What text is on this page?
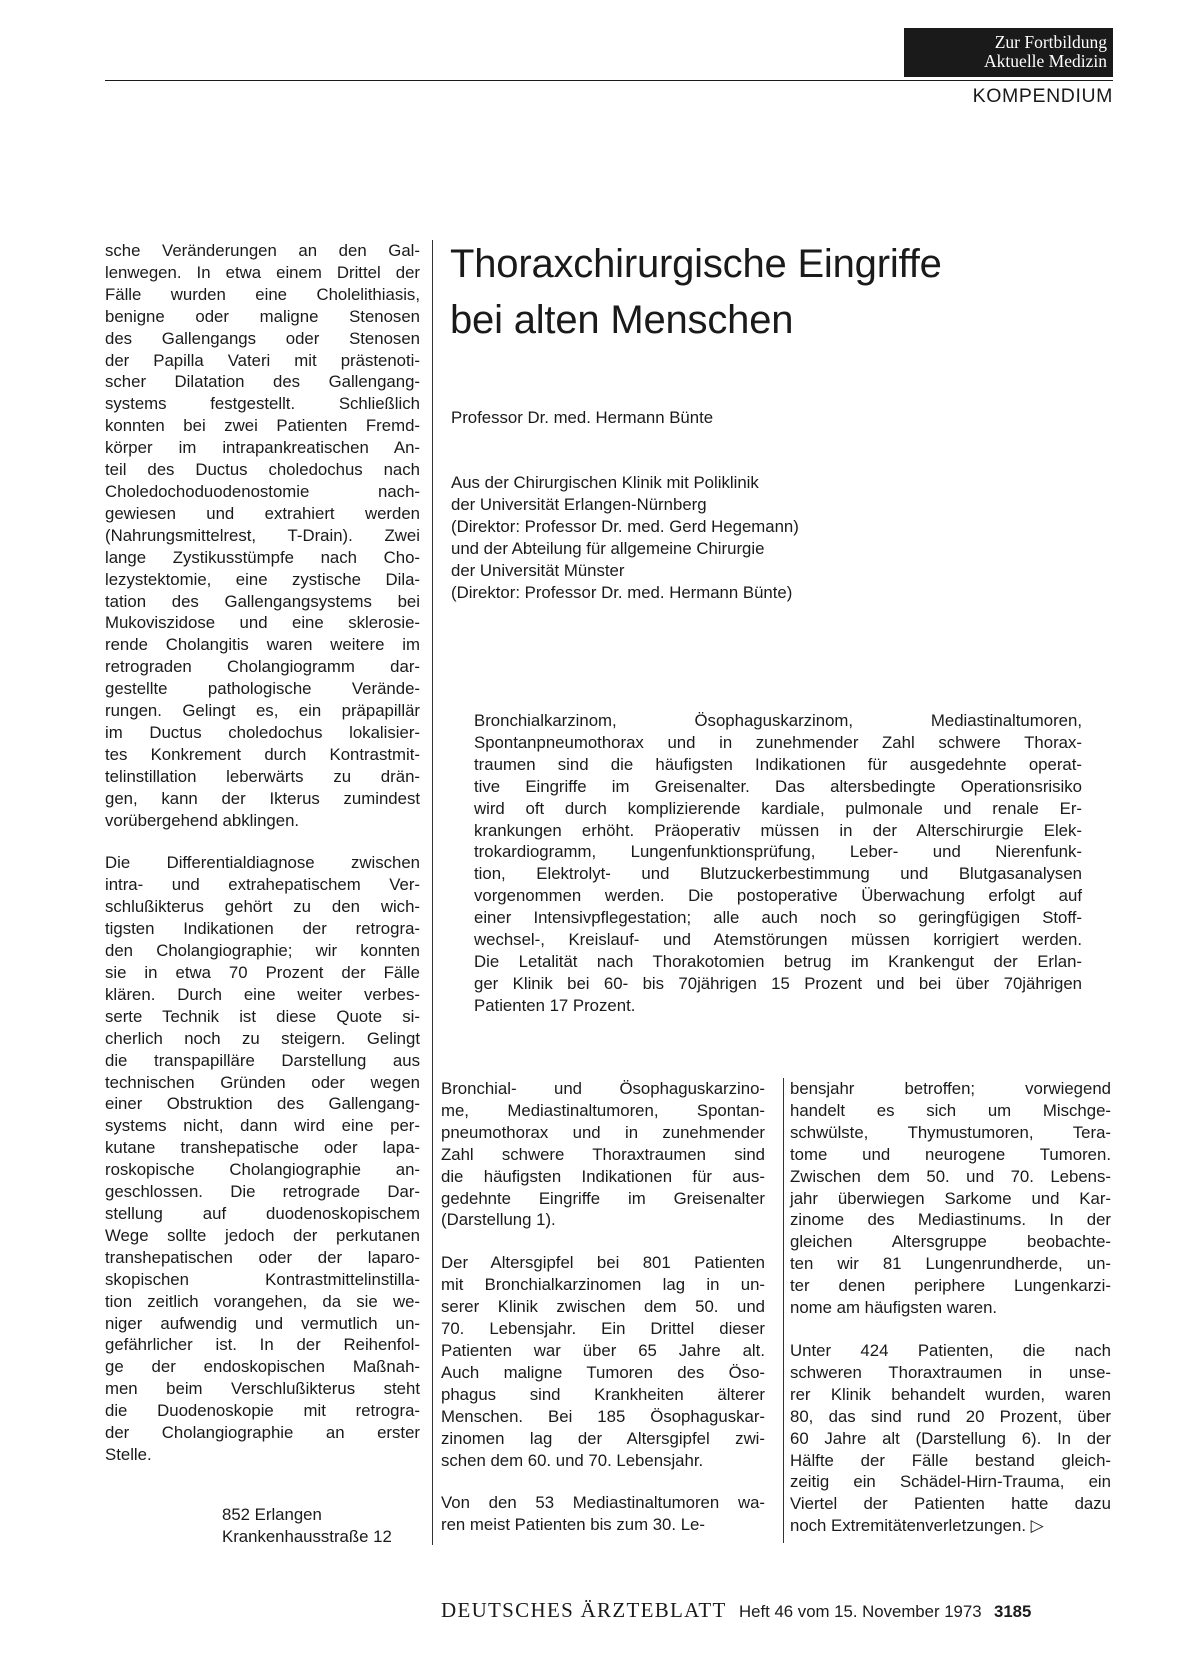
Zur Fortbildung
Aktuelle Medizin
KOMPENDIUM

sche Veränderungen an den Gal-
lenwegen. In etwa einem Drittel der
Fälle wurden eine Cholelithiasis,
benigne oder maligne Stenosen
des Gallengangs oder Stenosen
der Papilla Vateri mit prästenoti-
scher Dilatation des Gallengang-
systems festgestellt. Schließlich
konnten bei zwei Patienten Fremd-
körper im intrapankreatischen An-
teil des Ductus choledochus nach
Choledochoduodenostomie nach-
gewiesen und extrahiert werden
(Nahrungsmittelrest, T-Drain). Zwei
lange Zystikusstümpfe nach Cho-
lezystektomie, eine zystische Dila-
tation des Gallengangsystems bei
Mukoviszidose und eine sklerosie-
rende Cholangitis waren weitere im
retrograden Cholangiogramm dar-
gestellte pathologische Verände-
rungen. Gelingt es, ein präpapillär
im Ductus choledochus lokalisier-
tes Konkrement durch Kontrastmit-
telinstillation leberwärts zu drän-
gen, kann der Ikterus zumindest
vorübergehend abklingen.

Die Differentialdiagnose zwischen
intra- und extrahepatischem Ver-
schlußikterus gehört zu den wich-
tigsten Indikationen der retrogra-
den Cholangiographie; wir konnten
sie in etwa 70 Prozent der Fälle
klären. Durch eine weiter verbes-
serte Technik ist diese Quote si-
cherlich noch zu steigern. Gelingt
die transpapilläre Darstellung aus
technischen Gründen oder wegen
einer Obstruktion des Gallengang-
systems nicht, dann wird eine per-
kutane transhepatische oder lapa-
roskopische Cholangiographie an-
geschlossen. Die retrograde Dar-
stellung auf duodenoskopischem
Wege sollte jedoch der perkutanen
transhepatischen oder der laparo-
skopischen Kontrastmittelinstilla-
tion zeitlich vorangehen, da sie we-
niger aufwendig und vermutlich un-
gefährlicher ist. In der Reihenfol-
ge der endoskopischen Maßnah-
men beim Verschlußikterus steht
die Duodenoskopie mit retrogra-
der Cholangiographie an erster
Stelle.

Thoraxchirurgische Eingriffe
bei alten Menschen
Professor Dr. med. Hermann Bünte
Aus der Chirurgischen Klinik mit Poliklinik
der Universität Erlangen-Nürnberg
(Direktor: Professor Dr. med. Gerd Hegemann)
und der Abteilung für allgemeine Chirurgie
der Universität Münster
(Direktor: Professor Dr. med. Hermann Bünte)

Bronchialkarzinom, Ösophaguskarzinom, Mediastinaltumoren,
Spontanpneumothorax und in zunehmender Zahl schwere Thorax-
traumen sind die häufigsten Indikationen für ausgedehnte operat-
tive Eingriffe im Greisenalter. Das altersbedingte Operationsrisiko
wird oft durch komplizierende kardiale, pulmonale und renale Er-
krankungen erhöht. Präoperativ müssen in der Alterschirurgie Elek-
trokardiogramm, Lungenfunktionsprüfung, Leber- und Nierenfunk-
tion, Elektrolyt- und Blutzuckerbestimmung und Blutgasanalysen
vorgenommen werden. Die postoperative Überwachung erfolgt auf
einer Intensivpflegestation; alle auch noch so geringfügigen Stoff-
wechsel-, Kreislauf- und Atemstörungen müssen korrigiert werden.
Die Letalität nach Thorakotomien betrug im Krankengut der Erlan-
ger Klinik bei 60- bis 70jährigen 15 Prozent und bei über 70jährigen
Patienten 17 Prozent.

Bronchial- und Ösophaguskarzino-
me, Mediastinaltumoren, Spontan-
pneumothorax und in zunehmender
Zahl schwere Thoraxtraumen sind
die häufigsten Indikationen für aus-
gedehnte Eingriffe im Greisenalter
(Darstellung 1).

Der Altersgipfel bei 801 Patienten
mit Bronchialkarzinomen lag in un-
serer Klinik zwischen dem 50. und
70. Lebensjahr. Ein Drittel dieser
Patienten war über 65 Jahre alt.
Auch maligne Tumoren des Öso-
phagus sind Krankheiten älterer
Menschen. Bei 185 Ösophaguskar-
zinomen lag der Altersgipfel zwi-
schen dem 60. und 70. Lebensjahr.

Von den 53 Mediastinaltumoren wa-
ren meist Patienten bis zum 30. Le-

bensjahr betroffen; vorwiegend
handelt es sich um Mischge-
schwülste, Thymustumoren, Tera-
tome und neurogene Tumoren.
Zwischen dem 50. und 70. Lebens-
jahr überwiegen Sarkome und Kar-
zinome des Mediastinums. In der
gleichen Altersgruppe beobachte-
ten wir 81 Lungenrundherde, un-
ter denen periphere Lungenkarzi-
nome am häufigsten waren.

Unter 424 Patienten, die nach
schweren Thoraxtraumen in unse-
rer Klinik behandelt wurden, waren
80, das sind rund 20 Prozent, über
60 Jahre alt (Darstellung 6). In der
Hälfte der Fälle bestand gleich-
zeitig ein Schädel-Hirn-Trauma, ein
Viertel der Patienten hatte dazu
noch Extremitätenverletzungen. ▷

852 Erlangen
Krankenhausstraße 12
DEUTSCHES ÄRZTEBLATT Heft 46 vom 15. November 1973 3185
